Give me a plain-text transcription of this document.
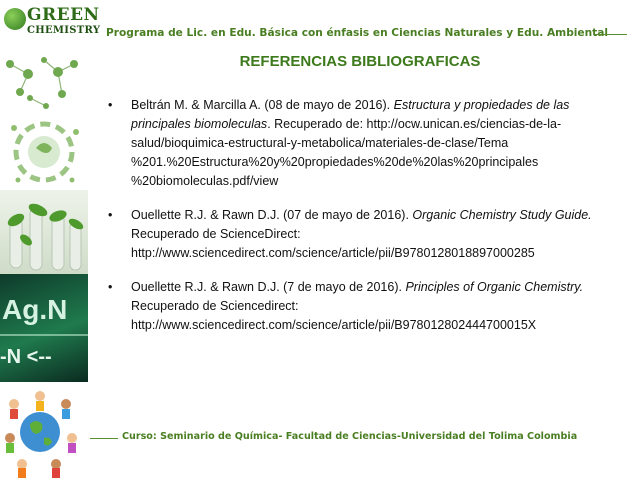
GREEN
CHEMISTRY
Ag.N
-N <--
Programa de Lic. en Edu. Básica con énfasis en Ciencias Naturales y Edu. Ambiental
REFERENCIAS BIBLIOGRAFICAS
• Beltrán M. & Marcilla A. (08 de mayo de 2016). Estructura y propiedades de las principales biomoleculas. Recuperado de: http://ocw.unican.es/ciencias-de-la-
salud/bioquimica-estructural-y-metabolica/materiales-de-clase/Tema
%201.%20Estructura%20y%20propiedades%20de%20las%20principales
%20biomoleculas.pdf/view
• Ouellette R.J. & Rawn D.J. (07 de mayo de 2016). Organic Chemistry Study Guide.
Recuperado de ScienceDirect:
http://www.sciencedirect.com/science/article/pii/B9780128018897000285
• Ouellette R.J. & Rawn D.J. (7 de mayo de 2016). Principles of Organic Chemistry.
Recuperado de Sciencedirect:
http://www.sciencedirect.com/science/article/pii/B978012802444700015X
Curso: Seminario de Química- Facultad de Ciencias-Universidad del Tolima Colombia
